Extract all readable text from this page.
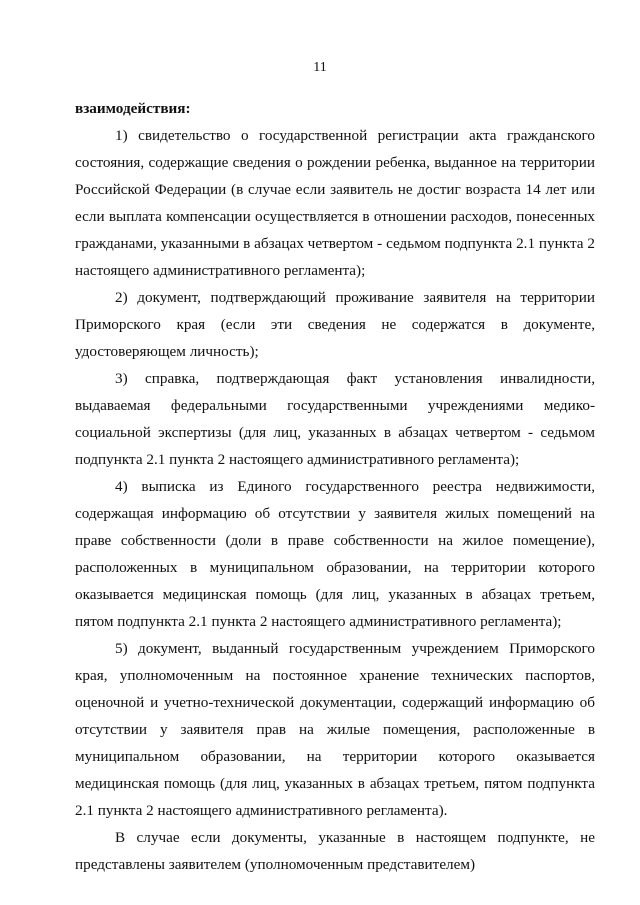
11

взаимодействия:

1) свидетельство о государственной регистрации акта гражданского состояния, содержащие сведения о рождении ребенка, выданное на территории Российской Федерации (в случае если заявитель не достиг возраста 14 лет или если выплата компенсации осуществляется в отношении расходов, понесенных гражданами, указанными в абзацах четвертом - седьмом подпункта 2.1 пункта 2 настоящего административного регламента);

2) документ, подтверждающий проживание заявителя на территории Приморского края (если эти сведения не содержатся в документе, удостоверяющем личность);

3) справка, подтверждающая факт установления инвалидности, выдаваемая федеральными государственными учреждениями медико-социальной экспертизы (для лиц, указанных в абзацах четвертом - седьмом подпункта 2.1 пункта 2 настоящего административного регламента);

4) выписка из Единого государственного реестра недвижимости, содержащая информацию об отсутствии у заявителя жилых помещений на праве собственности (доли в праве собственности на жилое помещение), расположенных в муниципальном образовании, на территории которого оказывается медицинская помощь (для лиц, указанных в абзацах третьем, пятом подпункта 2.1 пункта 2 настоящего административного регламента);

5) документ, выданный государственным учреждением Приморского края, уполномоченным на постоянное хранение технических паспортов, оценочной и учетно-технической документации, содержащий информацию об отсутствии у заявителя прав на жилые помещения, расположенные в муниципальном образовании, на территории которого оказывается медицинская помощь (для лиц, указанных в абзацах третьем, пятом подпункта 2.1 пункта 2 настоящего административного регламента).

В случае если документы, указанные в настоящем подпункте, не представлены заявителем (уполномоченным представителем)
